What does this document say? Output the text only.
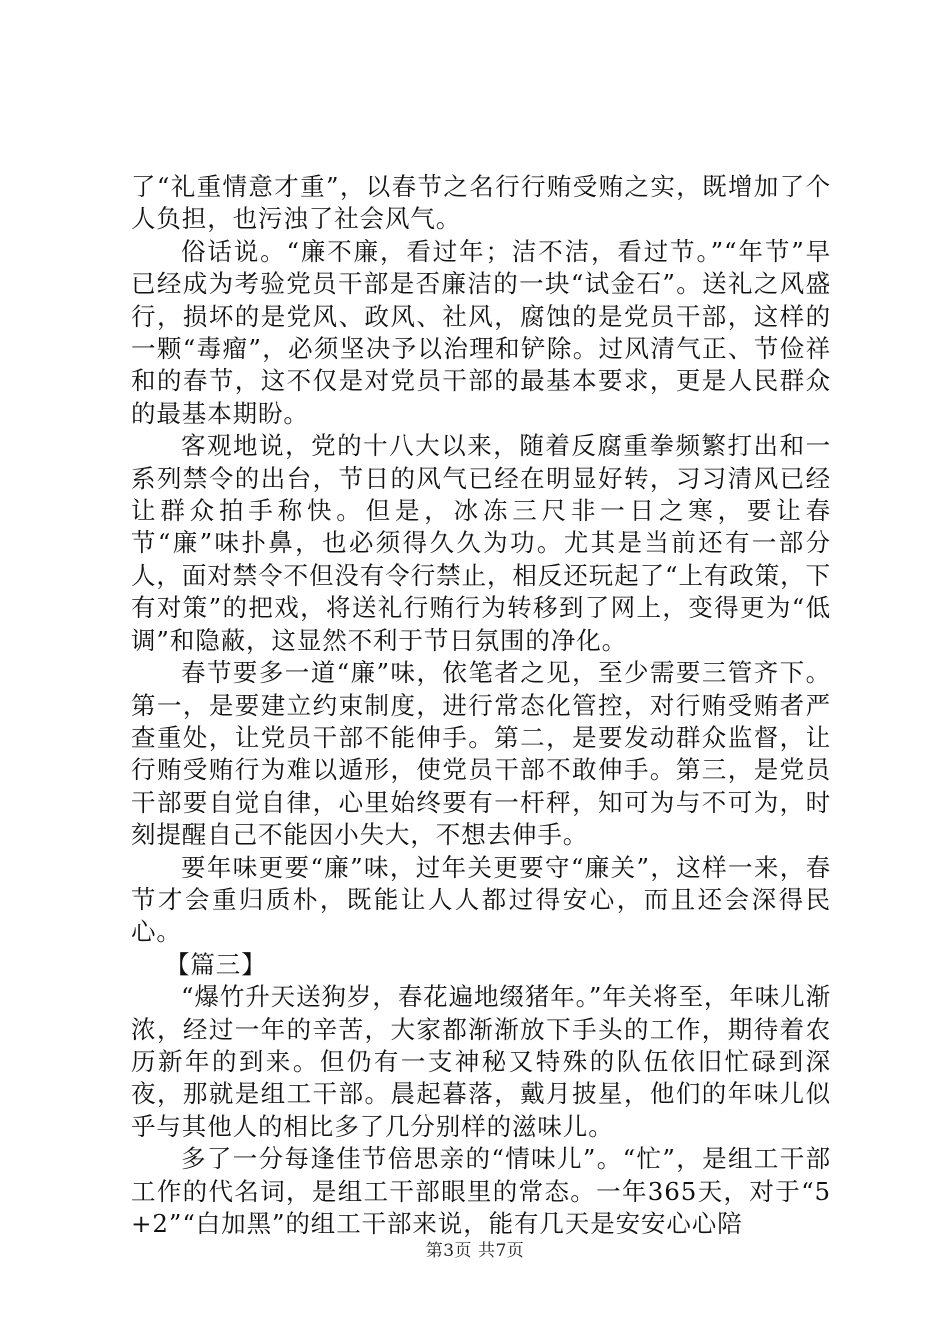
了“礼重情意才重”，以春节之名行行贿受贿之实，既增加了个人负担，也污浊了社会风气。

俗话说。“廉不廉，看过年；洁不洁，看过节。”“年节”早已经成为考验党员干部是否廉洁的一块“试金石”。送礼之风盛行，损坏的是党风、政风、社风，腐蚀的是党员干部，这样的一颗“毒瘤”，必须坚决予以治理和铲除。过风清气正、节俭祥和的春节，这不仅是对党员干部的最基本要求，更是人民群众的最基本期盼。

客观地说，党的十八大以来，随着反腐重拳频繁打出和一系列禁令的出台，节日的风气已经在明显好转，习习清风已经让群众拍手称快。但是，冰冻三尺非一日之寒，要让春节“廉”味扑鼻，也必须得久久为功。尤其是当前还有一部分人，面对禁令不但没有令行禁止，相反还玩起了“上有政策，下有对策”的把戏，将送礼行贿行为转移到了网上，变得更为“低调”和隐蔽，这显然不利于节日氛围的净化。

春节要多一道“廉”味，依笔者之见，至少需要三管齐下。第一，是要建立约束制度，进行常态化管控，对行贿受贿者严查重处，让党员干部不能伸手。第二，是要发动群众监督，让行贿受贿行为难以遁形，使党员干部不敢伸手。第三，是党员干部要自觉自律，心里始终要有一杆秤，知可为与不可为，时刻提醒自己不能因小失大，不想去伸手。

要年味更要“廉”味，过年关更要守“廉关”，这样一来，春节才会重归质朴，既能让人人都过得安心，而且还会深得民心。

【篇三】

“爆竹升天送狗岁，春花遍地缀猪年。”年关将至，年味儿渐浓，经过一年的辛苦，大家都渐渐放下手头的工作，期待着农历新年的到来。但仍有一支神秘又特殊的队伍依旧忙碌到深夜，那就是组工干部。晨起暮落，戴月披星，他们的年味儿似乎与其他人的相比多了几分别样的滋味儿。

多了一分每逢佳节倍思亲的“情味儿”。“忙”，是组工干部工作的代名词，是组工干部眼里的常态。一年365天，对于“5+2”“白加黑”的组工干部来说，能有几天是安安心心陪

第3页 共7页
